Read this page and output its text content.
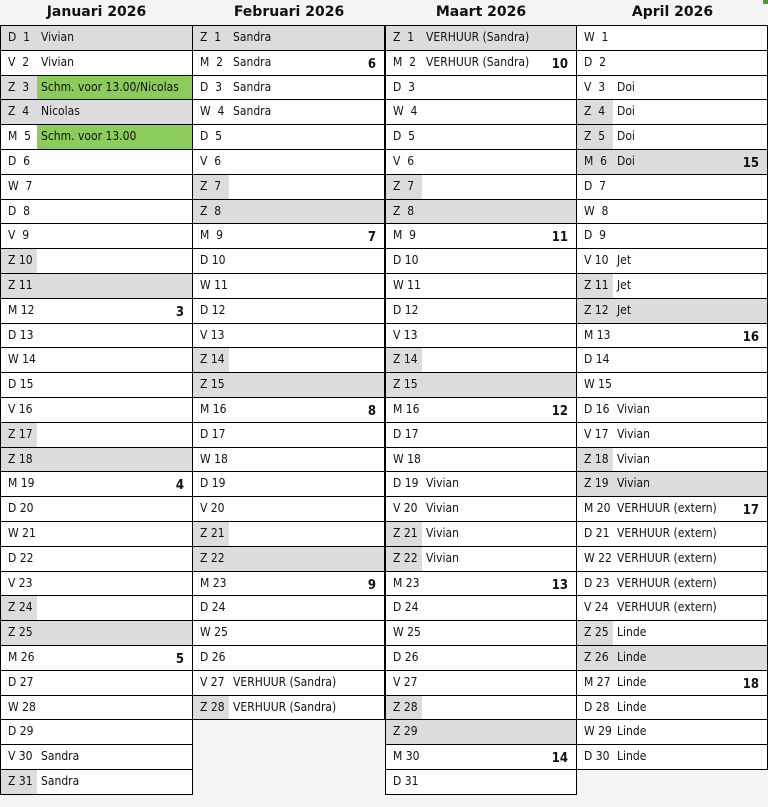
Januari 2026
D  1 Vivian
V  2 Vivian
Z  3 Schm. voor 13.00/Nicolas
Z  4 Nicolas
M  5 Schm. voor 13.00
D  6
W  7
D  8
V  9
Z 10
Z 11
M 12	3
D 13
W 14
D 15
V 16
Z 17
Z 18
M 19	4
D 20
W 21
D 22
V 23
Z 24
Z 25
M 26	5
D 27
W 28
D 29
V 30 Sandra
Z 31 Sandra
Februari 2026
Z  1 Sandra
M  2 Sandra	6
D  3 Sandra
W  4 Sandra
D  5
V  6
Z  7
Z  8
M  9	7
D 10
W 11
D 12
V 13
Z 14
Z 15
M 16	8
D 17
W 18
D 19
V 20
Z 21
Z 22
M 23	9
D 24
W 25
D 26
V 27 VERHUUR (Sandra)
Z 28 VERHUUR (Sandra)
Maart 2026
Z  1 VERHUUR (Sandra)
M  2 VERHUUR (Sandra) 10
D  3
W  4
D  5
V  6
Z  7
Z  8
M  9	11
D 10
W 11
D 12
V 13
Z 14
Z 15
M 16	12
D 17
W 18
D 19 Vivian
V 20 Vivian
Z 21 Vivian
Z 22 Vivian
M 23	13
D 24
W 25
D 26
V 27
Z 28
Z 29
M 30	14
D 31
April 2026
W  1
D  2
V  3 Doi
Z  4 Doi
Z  5 Doi
M  6 Doi	15
D  7
W  8
D  9
V 10 Jet
Z 11 Jet
Z 12 Jet
M 13	16
D 14
W 15
D 16 Vivian
V 17 Vivian
Z 18 Vivian
Z 19 Vivian
M 20 VERHUUR (extern) 17
D 21 VERHUUR (extern)
W 22 VERHUUR (extern)
D 23 VERHUUR (extern)
V 24 VERHUUR (extern)
Z 25 Linde
Z 26 Linde
M 27 Linde	18
D 28 Linde
W 29 Linde
D 30 Linde
